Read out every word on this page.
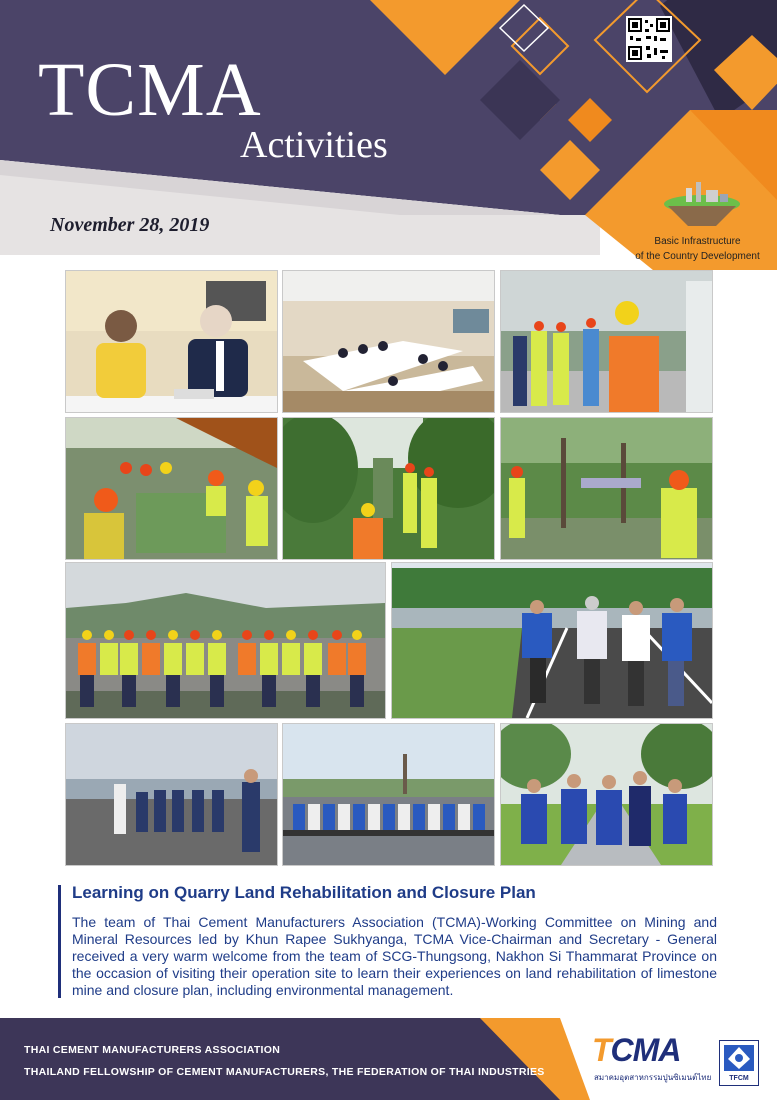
TCMA
Activities
November 28, 2019
Basic Infrastructure
of the Country Development
Learning on Quarry Land Rehabilitation and Closure Plan
The team of Thai Cement Manufacturers Association (TCMA)-Working Committee on Mining and Mineral Resources led by Khun Rapee Sukhyanga, TCMA Vice-Chairman and Secretary - General received a very warm welcome from the team of SCG-Thungsong, Nakhon Si Thammarat Province on the occasion of visiting their operation site to learn their experiences on land rehabilitation of limestone mine and closure plan, including environmental management.
THAI CEMENT MANUFACTURERS ASSOCIATION
THAILAND FELLOWSHIP OF CEMENT MANUFACTURERS, THE FEDERATION OF THAI INDUSTRIES
TCMA
สมาคมอุตสาหกรรมปูนซิเมนต์ไทย	TFCM
